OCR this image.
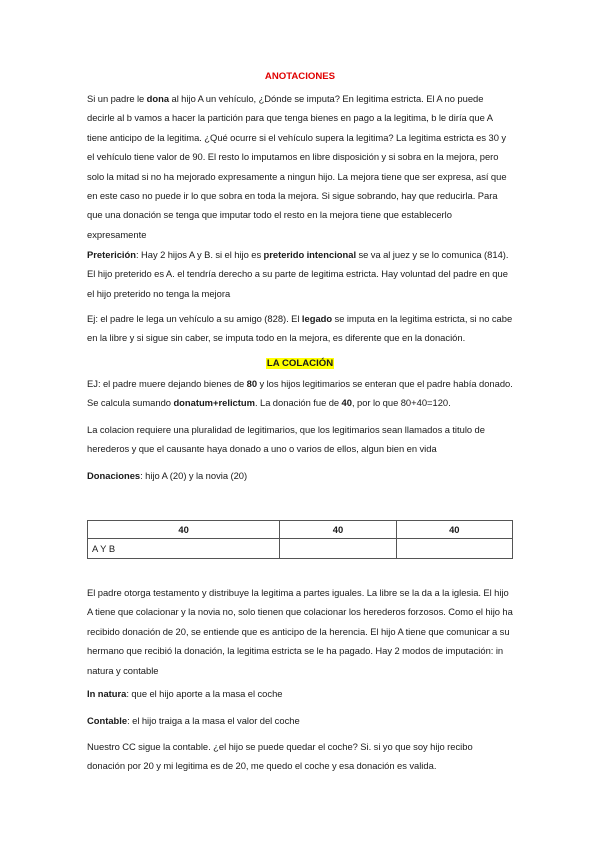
ANOTACIONES

Si un padre le dona al hijo A un vehículo, ¿Dónde se imputa? En legitima estricta. El A no puede decirle al b vamos a hacer la partición para que tenga bienes en pago a la legitima, b le diría que A tiene anticipo de la legitima. ¿Qué ocurre si el vehículo supera la legitima? La legitima estricta es 30 y el vehículo tiene valor de 90. El resto lo imputamos en libre disposición y si sobra en la mejora, pero solo la mitad si no ha mejorado expresamente a ningun hijo. La mejora tiene que ser expresa, así que en este caso no puede ir lo que sobra en toda la mejora. Si sigue sobrando, hay que reducirla. Para que una donación se tenga que imputar todo el resto en la mejora tiene que establecerlo expresamente

Preterición: Hay 2 hijos A y B. si el hijo es preterido intencional se va al juez y se lo comunica (814). El hijo preterido es A. el tendría derecho a su parte de legitima estricta. Hay voluntad del padre en que el hijo preterido no tenga la mejora

Ej: el padre le lega un vehículo a su amigo (828). El legado se imputa en la legitima estricta, si no cabe en la libre y si sigue sin caber, se imputa todo en la mejora, es diferente que en la donación.

LA COLACIÓN

EJ: el padre muere dejando bienes de 80 y los hijos legitimarios se enteran que el padre había donado. Se calcula sumando donatum+relictum. La donación fue de 40, por lo que 80+40=120.

La colacion requiere una pluralidad de legitimarios, que los legitimarios sean llamados a titulo de herederos y que el causante haya donado a uno o varios de ellos, algun bien en vida

Donaciones: hijo A (20) y la novia (20)

40	40	40
A Y B		

El padre otorga testamento y distribuye la legitima a partes iguales. La libre se la da a la iglesia. El hijo A tiene que colacionar y la novia no, solo tienen que colacionar los herederos forzosos. Como el hijo ha recibido donación de 20, se entiende que es anticipo de la herencia. El hijo A tiene que comunicar a su hermano que recibió la donación, la legitima estricta se le ha pagado. Hay 2 modos de imputación: in natura y contable

In natura: que el hijo aporte a la masa el coche

Contable: el hijo traiga a la masa el valor del coche

Nuestro CC sigue la contable. ¿el hijo se puede quedar el coche? Si. si yo que soy hijo recibo donación por 20 y mi legitima es de 20, me quedo el coche y esa donación es valida.
